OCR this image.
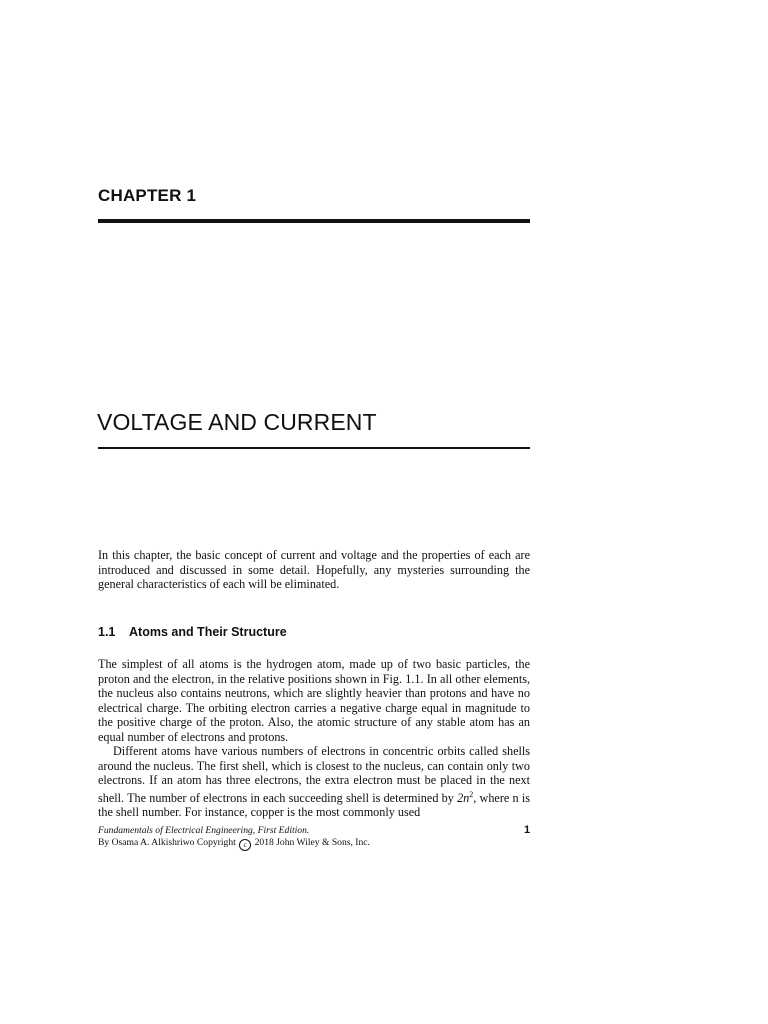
CHAPTER 1
VOLTAGE AND CURRENT
In this chapter, the basic concept of current and voltage and the properties of each are introduced and discussed in some detail. Hopefully, any mysteries surrounding the general characteristics of each will be eliminated.
1.1 Atoms and Their Structure
The simplest of all atoms is the hydrogen atom, made up of two basic particles, the proton and the electron, in the relative positions shown in Fig. 1.1. In all other elements, the nucleus also contains neutrons, which are slightly heavier than protons and have no electrical charge. The orbiting electron carries a negative charge equal in magnitude to the positive charge of the proton. Also, the atomic structure of any stable atom has an equal number of electrons and protons.
Different atoms have various numbers of electrons in concentric orbits called shells around the nucleus. The first shell, which is closest to the nucleus, can contain only two electrons. If an atom has three electrons, the extra electron must be placed in the next shell. The number of electrons in each succeeding shell is determined by $2n^2$, where n is the shell number. For instance, copper is the most commonly used
Fundamentals of Electrical Engineering, First Edition.
By Osama A. Alkishriwo Copyright c 2018 John Wiley & Sons, Inc.
1
